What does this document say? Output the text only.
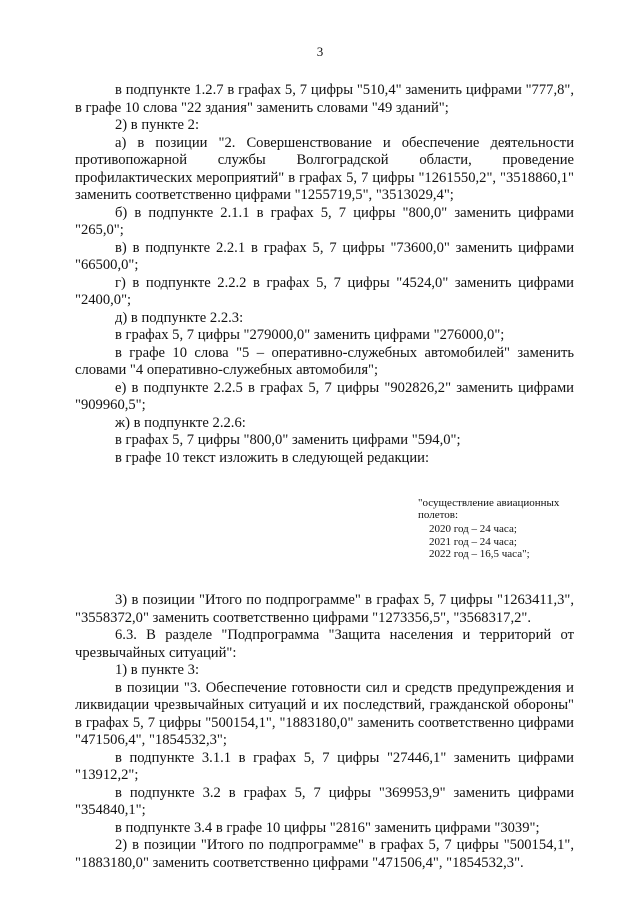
3

в подпункте 1.2.7 в графах 5, 7 цифры "510,4" заменить цифрами "777,8", в графе 10 слова "22 здания" заменить словами "49 зданий";

2) в пункте 2:

а) в позиции "2. Совершенствование и обеспечение деятельности противопожарной службы Волгоградской области, проведение профилактических мероприятий" в графах 5, 7 цифры "1261550,2", "3518860,1" заменить соответственно цифрами "1255719,5", "3513029,4";

б) в подпункте 2.1.1 в графах 5, 7 цифры "800,0" заменить цифрами "265,0";

в) в подпункте 2.2.1 в графах 5, 7 цифры "73600,0" заменить цифрами "66500,0";

г) в подпункте 2.2.2 в графах 5, 7 цифры "4524,0" заменить цифрами "2400,0";

д) в подпункте 2.2.3:

в графах 5, 7 цифры "279000,0" заменить цифрами "276000,0";

в графе 10 слова "5 – оперативно-служебных автомобилей" заменить словами "4 оперативно-служебных автомобиля";

е) в подпункте 2.2.5 в графах 5, 7 цифры "902826,2" заменить цифрами "909960,5";

ж) в подпункте 2.2.6:

в графах 5, 7 цифры "800,0" заменить цифрами "594,0";

в графе 10 текст изложить в следующей редакции:

"осуществление авиационных

полетов:

2020 год – 24 часа;

2021 год – 24 часа;

2022 год – 16,5 часа";

3) в позиции "Итого по подпрограмме" в графах 5, 7 цифры "1263411,3", "3558372,0" заменить соответственно цифрами "1273356,5", "3568317,2".

6.3. В разделе "Подпрограмма "Защита населения и территорий от чрезвычайных ситуаций":

1) в пункте 3:

в позиции "3. Обеспечение готовности сил и средств предупреждения и ликвидации чрезвычайных ситуаций и их последствий, гражданской обороны" в графах 5, 7 цифры "500154,1", "1883180,0" заменить соответственно цифрами "471506,4", "1854532,3";

в подпункте 3.1.1 в графах 5, 7 цифры "27446,1" заменить цифрами "13912,2";

в подпункте 3.2 в графах 5, 7 цифры "369953,9" заменить цифрами "354840,1";

в подпункте 3.4 в графе 10 цифры "2816" заменить цифрами "3039";

2) в позиции "Итого по подпрограмме" в графах 5, 7 цифры "500154,1", "1883180,0" заменить соответственно цифрами "471506,4", "1854532,3".
